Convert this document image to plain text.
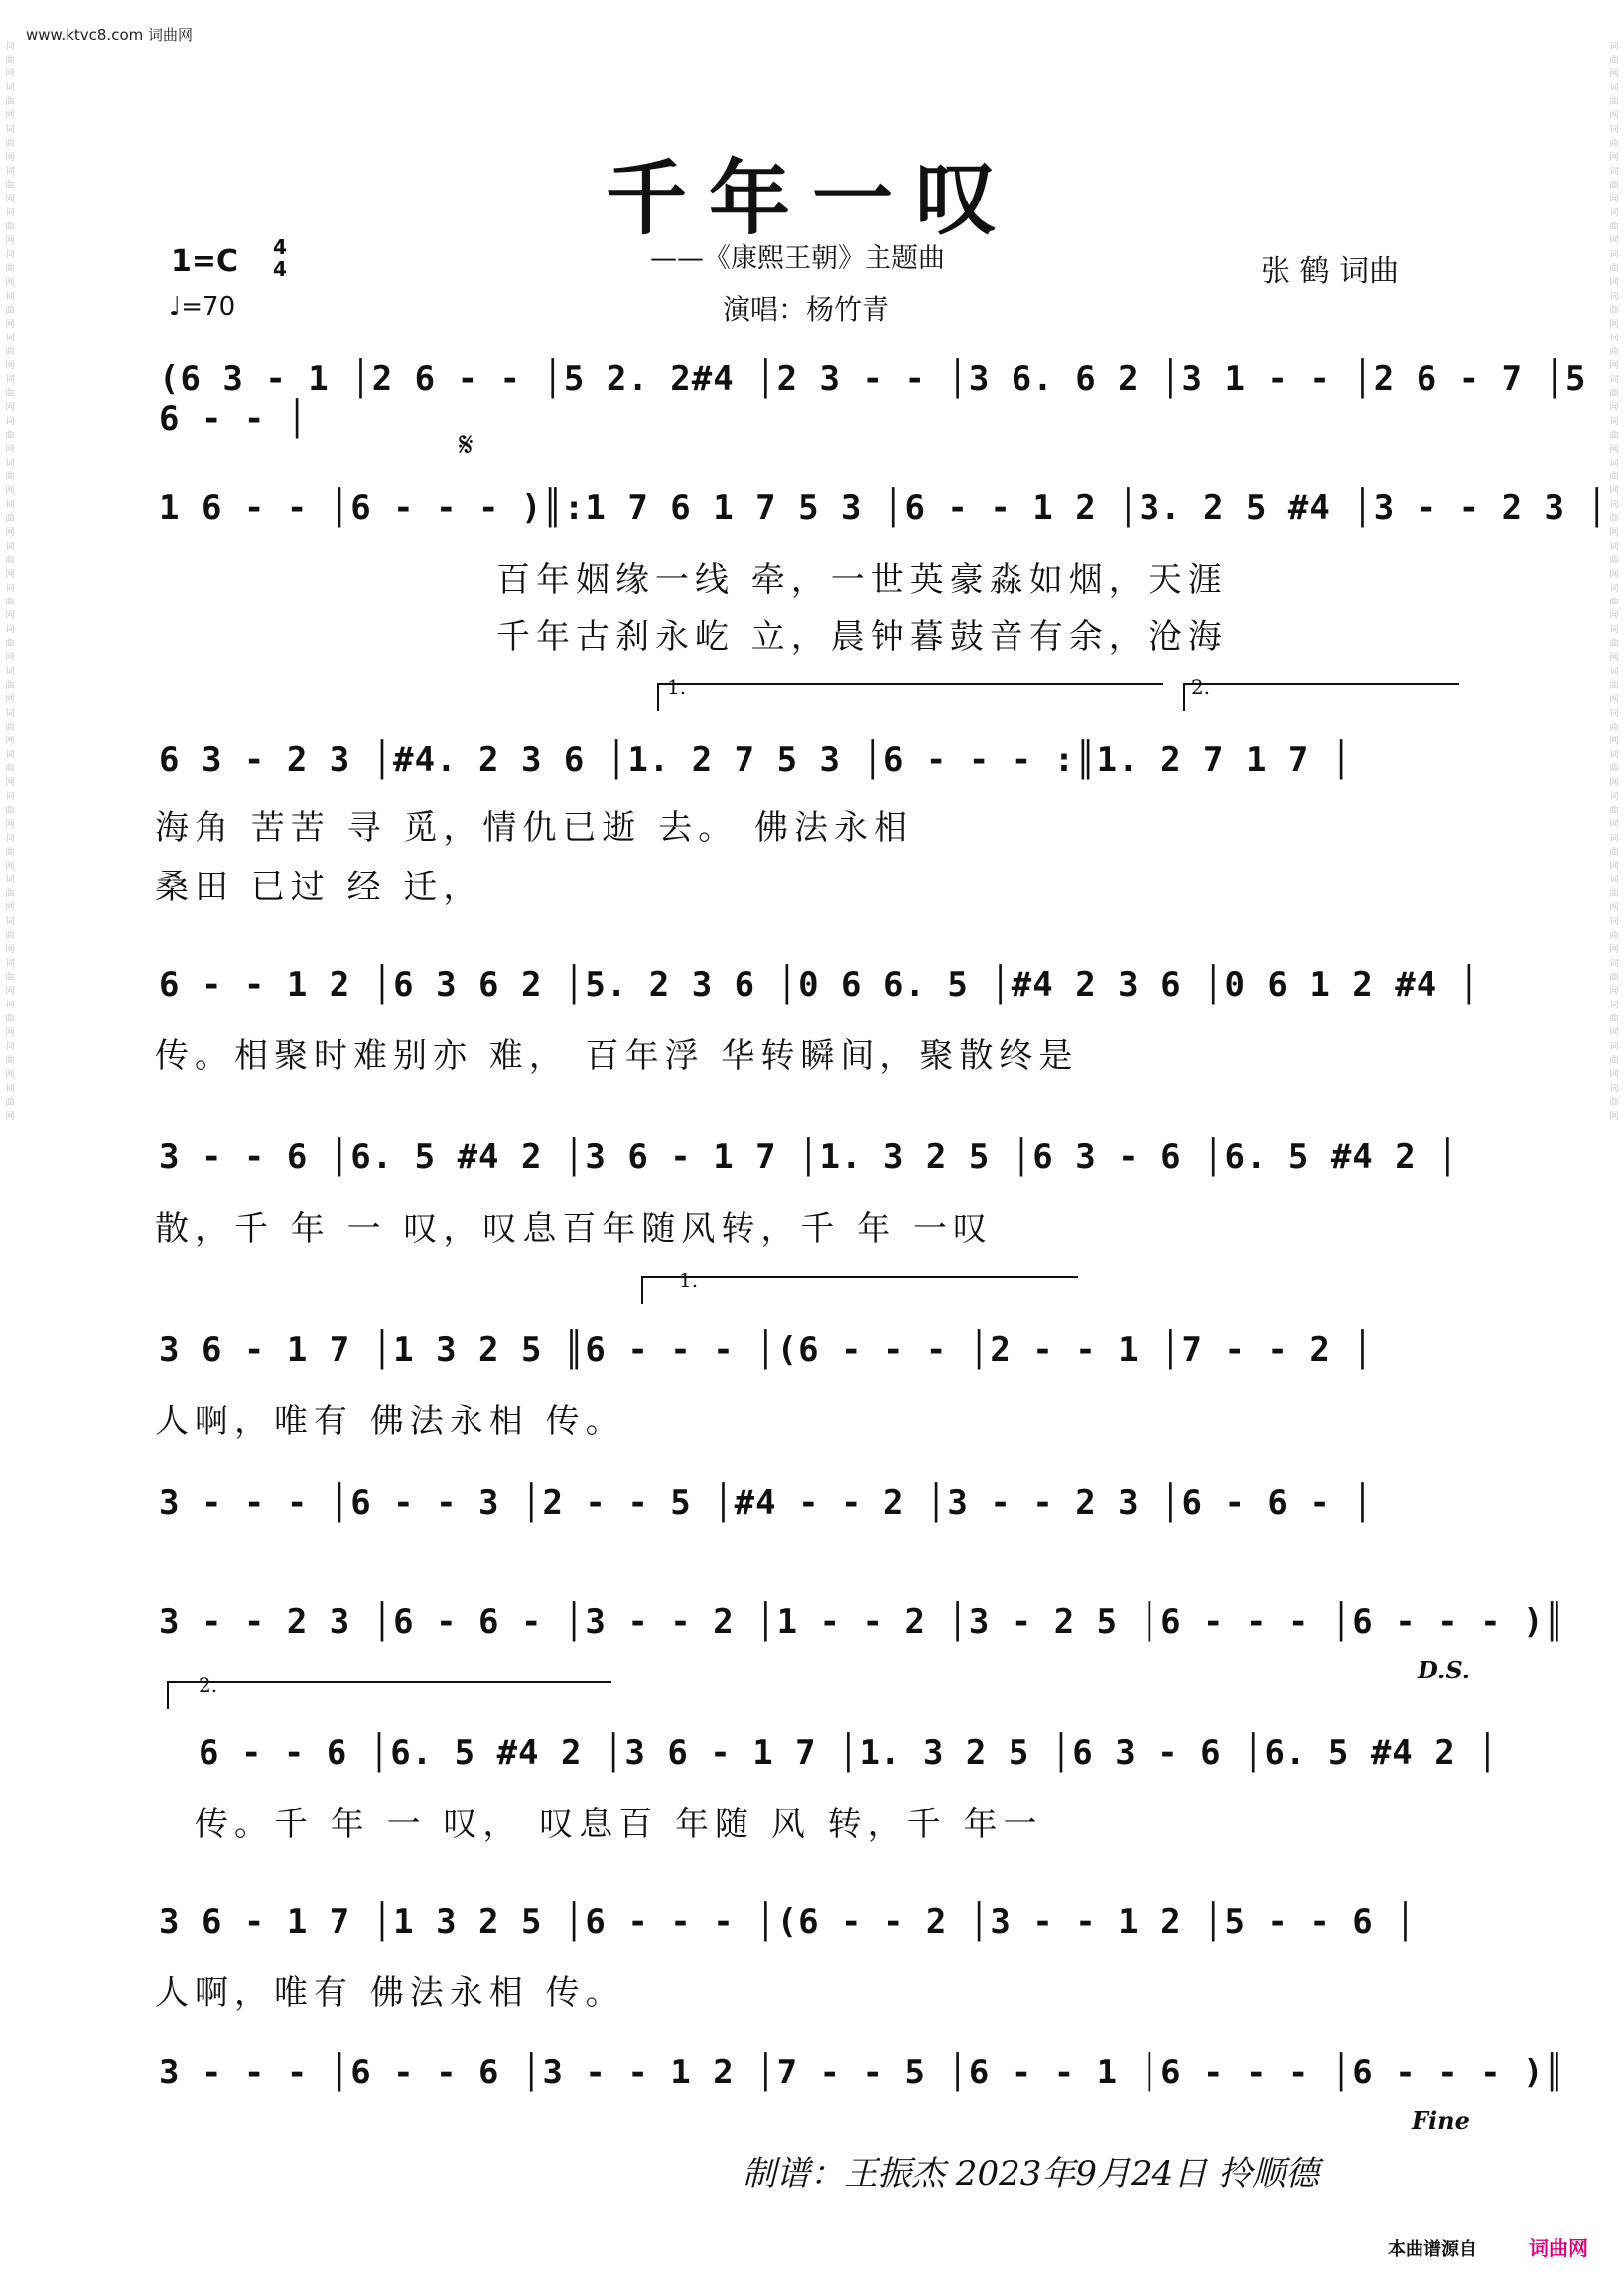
www.ktvc8.com 词曲网
词曲网词曲网词曲网词曲网词曲网词曲网词曲网词曲网词曲网词曲网词曲网词曲网词曲网词曲网词曲网词曲网词曲网词曲网词曲网词曲网词曲网词曲网词曲网词曲网词曲网词曲网
词曲网词曲网词曲网词曲网词曲网词曲网词曲网词曲网词曲网词曲网词曲网词曲网词曲网词曲网词曲网词曲网词曲网词曲网词曲网词曲网词曲网词曲网词曲网词曲网词曲网词曲网
千年一叹
1=C 4
4
♩=70
——《康熙王朝》主题曲
演唱：杨竹青
张 鹤 词曲
𝄋
1.	2.
1.
2.
(6 3 - 1 │2 6 - - │5 2. 2#4 │2 3 - - │3 6. 6 2 │3 1 - - │2 6 - 7 │5 6 - - │
1 6 - - │6 - - - )║:1 7 6 1 7 5 3 │6 - - 1 2 │3. 2 5 #4 │3 - - 2 3 │
百年姻缘一线 牵，一世英豪淼如烟，天涯
千年古刹永屹 立，晨钟暮鼓音有余，沧海
6 3 - 2 3 │#4. 2 3 6 │1. 2 7 5 3 │6 - - - :║1. 2 7 1 7 │
海角 苦苦 寻 觅，情仇已逝 去。 佛法永相
桑田 已过 经 迁，
6 - - 1 2 │6 3 6 2 │5. 2 3 6 │0 6 6. 5 │#4 2 3 6 │0 6 1 2 #4 │
传。相聚时难别亦 难， 百年浮 华转瞬间，聚散终是
3 - - 6 │6. 5 #4 2 │3 6 - 1 7 │1. 3 2 5 │6 3 - 6 │6. 5 #4 2 │
散，千 年 一 叹，叹息百年随风转，千 年 一叹
3 6 - 1 7 │1 3 2 5 ║6 - - - │(6 - - - │2 - - 1 │7 - - 2 │
人啊，唯有 佛法永相 传。
3 - - - │6 - - 3 │2 - - 5 │#4 - - 2 │3 - - 2 3 │6 - 6 - │
3 - - 2 3 │6 - 6 - │3 - - 2 │1 - - 2 │3 - 2 5 │6 - - - │6 - - - )║
D.S.
6 - - 6 │6. 5 #4 2 │3 6 - 1 7 │1. 3 2 5 │6 3 - 6 │6. 5 #4 2 │
传。千 年 一 叹， 叹息百 年随 风 转，千 年一
3 6 - 1 7 │1 3 2 5 │6 - - - │(6 - - 2 │3 - - 1 2 │5 - - 6 │
人啊，唯有 佛法永相 传。
3 - - - │6 - - 6 │3 - - 1 2 │7 - - 5 │6 - - 1 │6 - - - │6 - - - )║
Fine
制谱：王振杰 2023年9月24日 拎顺德
本曲谱源自	词曲网
